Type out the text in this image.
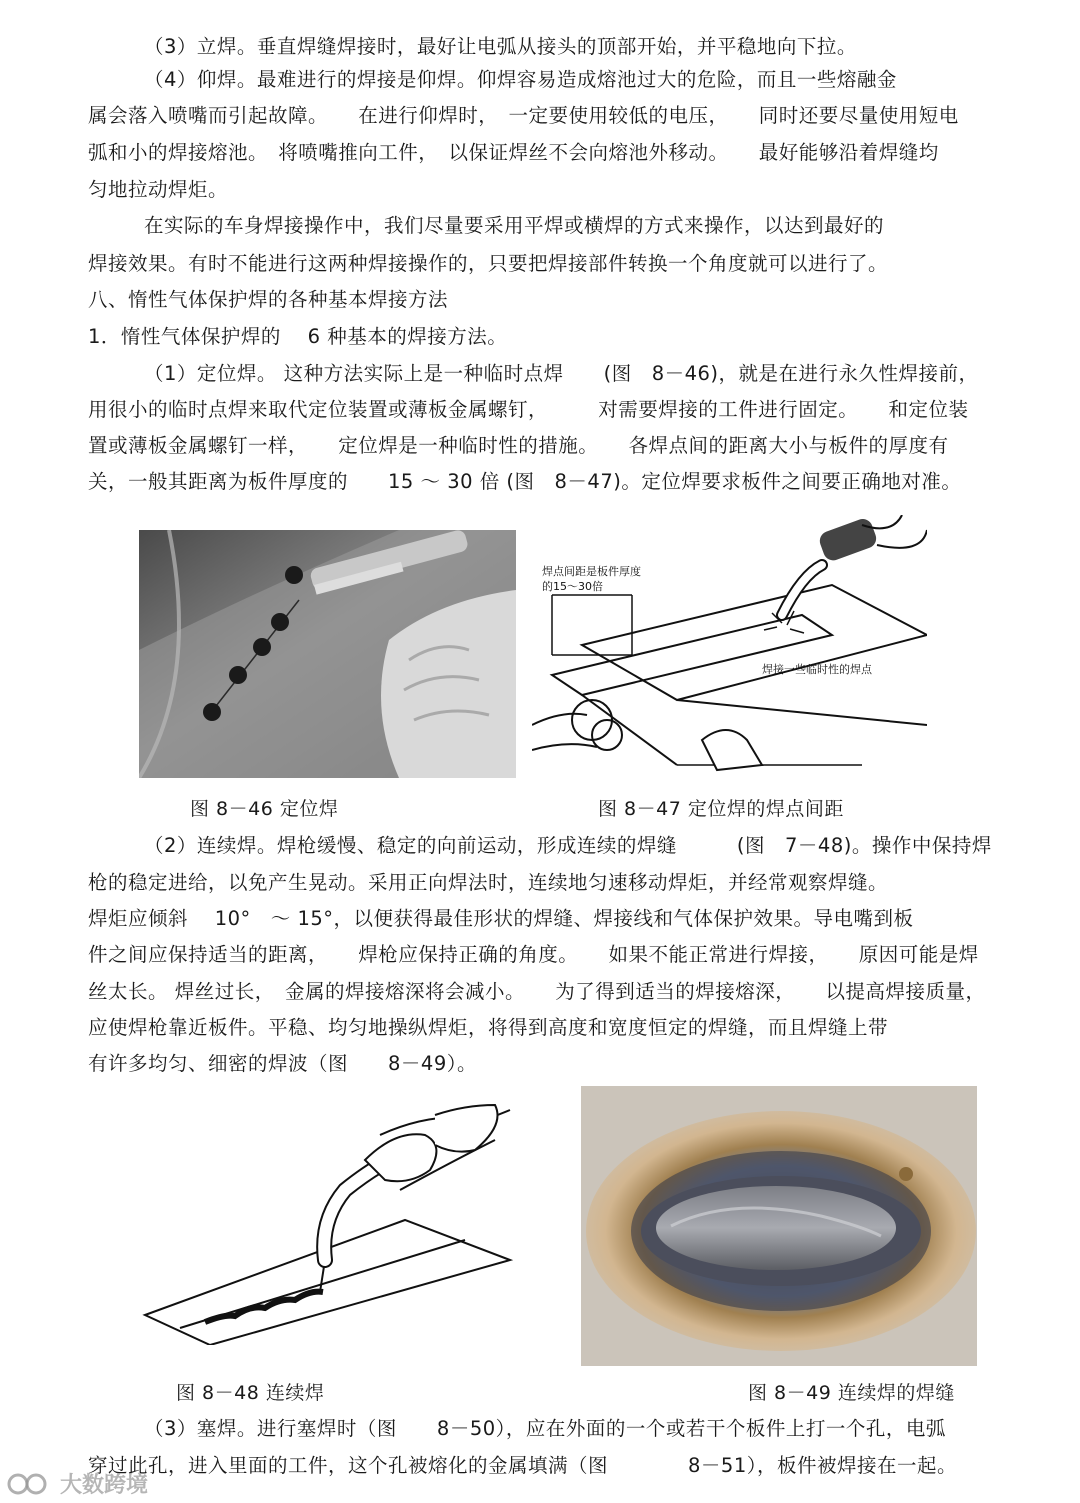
（3）立焊。垂直焊缝焊接时，最好让电弧从接头的顶部开始，并平稳地向下拉。
（4）仰焊。最难进行的焊接是仰焊。仰焊容易造成熔池过大的危险，而且一些熔融金
属会落入喷嘴而引起故障。　　在进行仰焊时，　一定要使用较低的电压，　　同时还要尽量使用短电
弧和小的焊接熔池。　将喷嘴推向工件，　以保证焊丝不会向熔池外移动。　　最好能够沿着焊缝均
匀地拉动焊炬。
在实际的车身焊接操作中，我们尽量要采用平焊或横焊的方式来操作，以达到最好的
焊接效果。有时不能进行这两种焊接操作的，只要把焊接部件转换一个角度就可以进行了。
八、惰性气体保护焊的各种基本焊接方法
1．惰性气体保护焊的　 6 种基本的焊接方法。
（1）定位焊。 这种方法实际上是一种临时点焊　　(图　8－46)，就是在进行永久性焊接前，
用很小的临时点焊来取代定位装置或薄板金属螺钉，　　　对需要焊接的工件进行固定。　　和定位装
置或薄板金属螺钉一样，　　定位焊是一种临时性的措施。　　各焊点间的距离大小与板件的厚度有
关，一般其距离为板件厚度的　　15 ～ 30 倍 (图　8－47)。定位焊要求板件之间要正确地对准。
焊点间距是板件厚度
的15～30倍
焊接一些临时性的焊点
图 8－46 定位焊	图 8－47 定位焊的焊点间距
（2）连续焊。焊枪缓慢、稳定的向前运动，形成连续的焊缝　　　(图　7－48)。操作中保持焊
枪的稳定进给，以免产生晃动。采用正向焊法时，连续地匀速移动焊炬，并经常观察焊缝。
焊炬应倾斜　 10°　～ 15°，以便获得最佳形状的焊缝、焊接线和气体保护效果。导电嘴到板
件之间应保持适当的距离，　　焊枪应保持正确的角度。　　如果不能正常进行焊接，　　原因可能是焊
丝太长。 焊丝过长，　金属的焊接熔深将会减小。　　为了得到适当的焊接熔深，　　以提高焊接质量，
应使焊枪靠近板件。平稳、均匀地操纵焊炬，将得到高度和宽度恒定的焊缝，而且焊缝上带
有许多均匀、细密的焊波（图　　8－49）。
图 8－48 连续焊	图 8－49 连续焊的焊缝
（3）塞焊。进行塞焊时（图　　8－50），应在外面的一个或若干个板件上打一个孔，电弧
穿过此孔，进入里面的工件，这个孔被熔化的金属填满（图　　　　8－51），板件被焊接在一起。
大数跨境
